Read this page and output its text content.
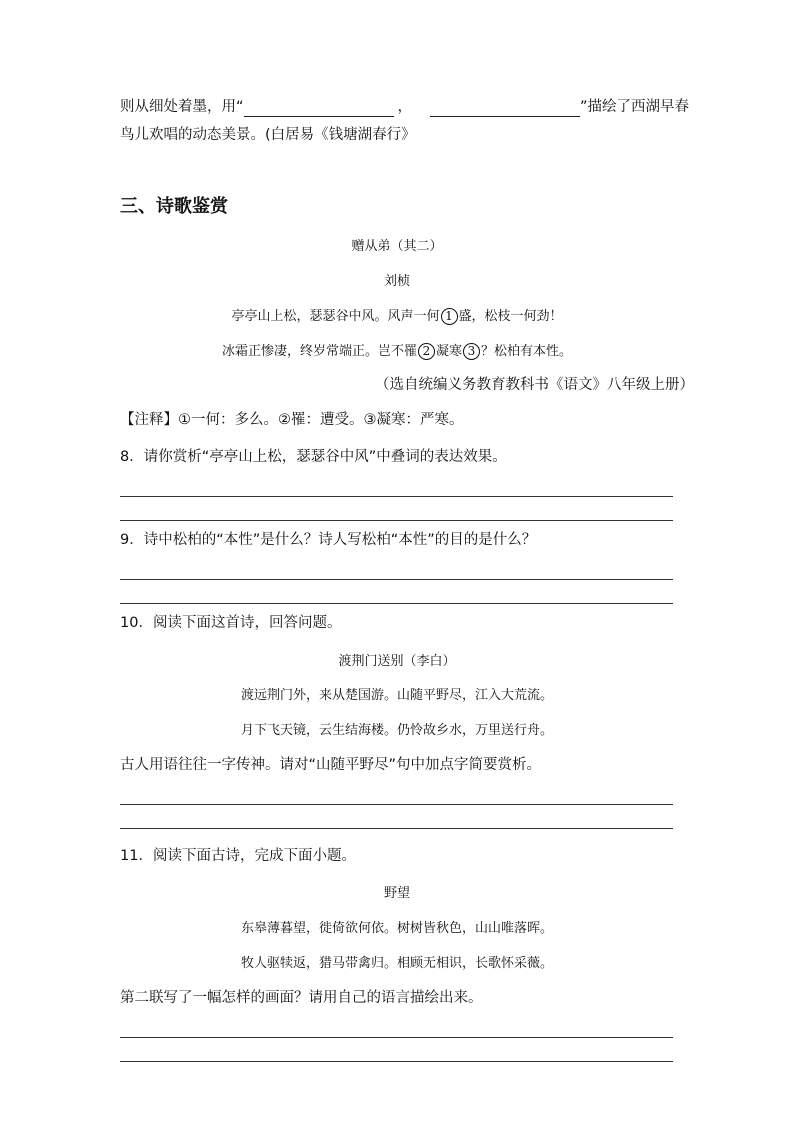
则从细处着墨，用“	，	”描绘了西湖早春
鸟儿欢唱的动态美景。(白居易《钱塘湖春行》
三、诗歌鉴赏
赠从弟（其二）
刘桢
亭亭山上松，瑟瑟谷中风。风声一何 1 盛，松枝一何劲！
冰霜正惨凄，终岁常端正。岂不罹 2 凝寒 3 ？松柏有本性。
（选自统编义务教育教科书《语文》八年级上册）
【注释】①一何：多么。②罹：遭受。③凝寒：严寒。
8．请你赏析“亭亭山上松，瑟瑟谷中风”中叠词的表达效果。
9．诗中松柏的“本性”是什么？诗人写松柏“本性”的目的是什么？
10．阅读下面这首诗，回答问题。
渡荆门送别（李白）
渡远荆门外，来从楚国游。山随平野尽，江入大荒流。
月下飞天镜，云生结海楼。仍怜故乡水，万里送行舟。
古人用语往往一字传神。请对“山随平野尽”句中加点字简要赏析。
11．阅读下面古诗，完成下面小题。
野望
东皋薄暮望，徙倚欲何依。树树皆秋色，山山唯落晖。
牧人驱犊返，猎马带禽归。相顾无相识，长歌怀采薇。
第二联写了一幅怎样的画面？请用自己的语言描绘出来。
